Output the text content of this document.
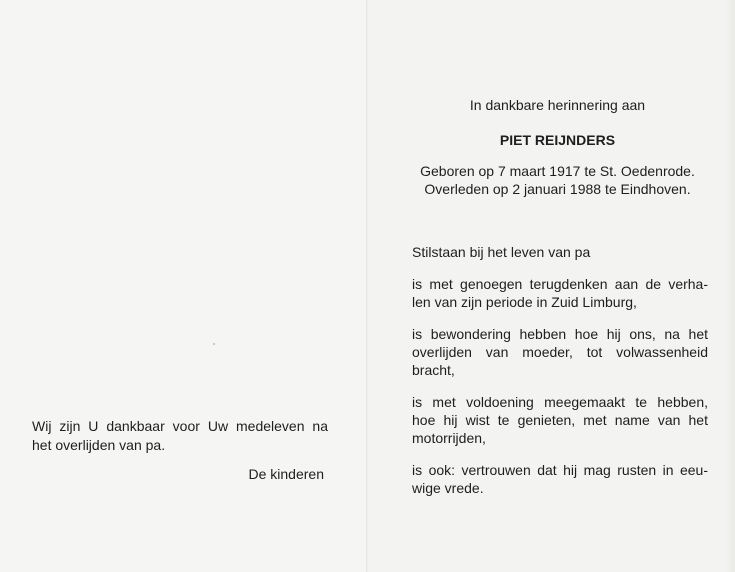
Wij zijn U dankbaar voor Uw medeleven na
het overlijden van pa.
De kinderen
In dankbare herinnering aan
PIET REIJNDERS
Geboren op 7 maart 1917 te St. Oedenrode.
Overleden op 2 januari 1988 te Eindhoven.

Stilstaan bij het leven van pa

is met genoegen terugdenken aan de verha-

len van zijn periode in Zuid Limburg,

is bewondering hebben hoe hij ons, na het

overlijden van moeder, tot volwassenheid

bracht,

is met voldoening meegemaakt te hebben,

hoe hij wist te genieten, met name van het

motorrijden,

is ook: vertrouwen dat hij mag rusten in eeu-

wige vrede.
